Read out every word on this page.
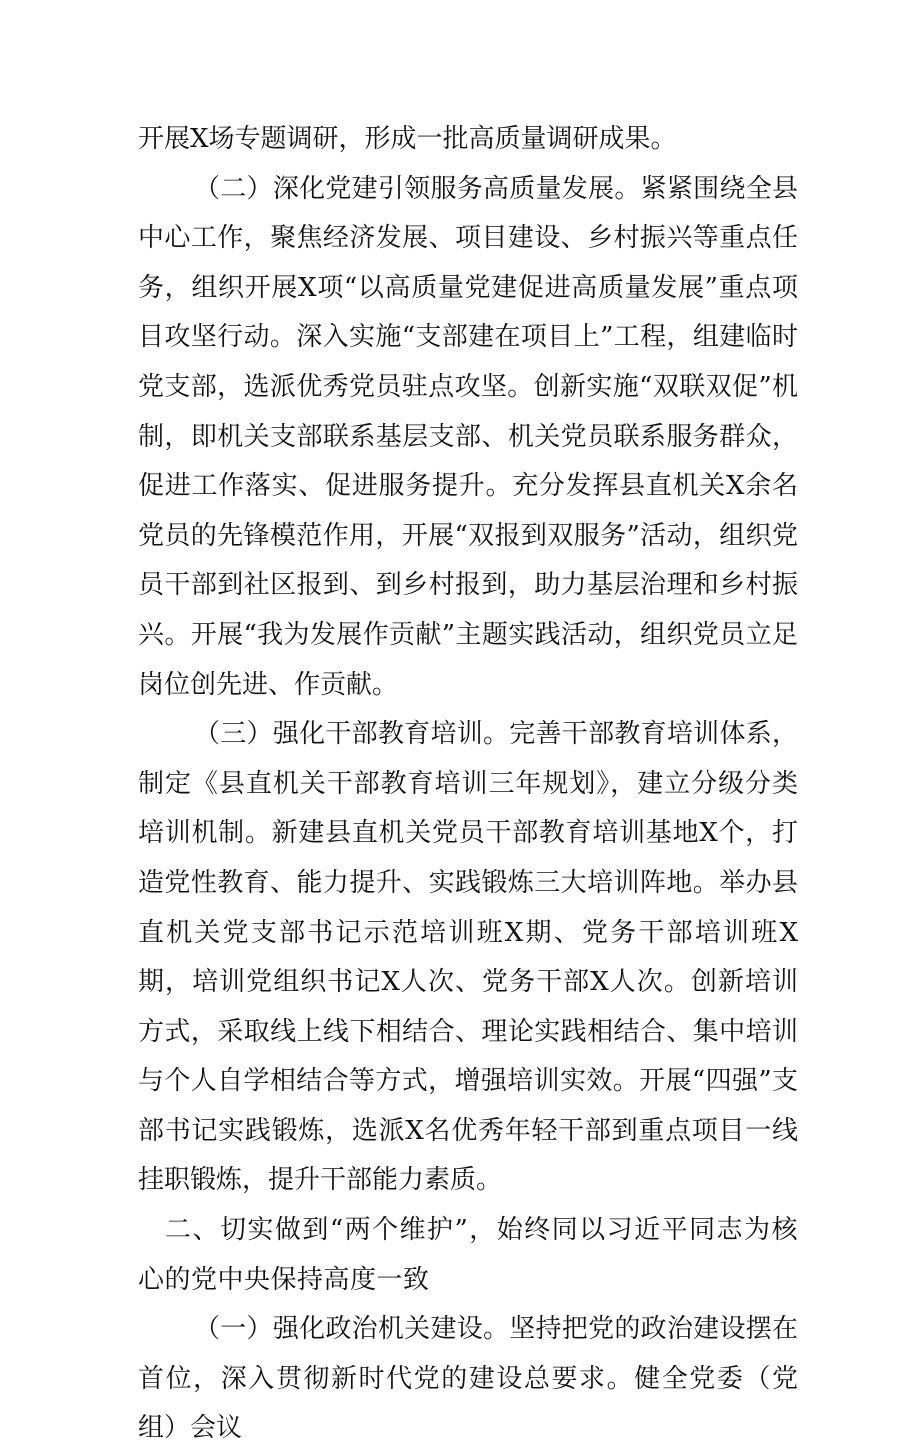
开展X场专题调研，形成一批高质量调研成果。

（二）深化党建引领服务高质量发展。紧紧围绕全县中心工作，聚焦经济发展、项目建设、乡村振兴等重点任务，组织开展X项“以高质量党建促进高质量发展”重点项目攻坚行动。深入实施“支部建在项目上”工程，组建临时党支部，选派优秀党员驻点攻坚。创新实施“双联双促”机制，即机关支部联系基层支部、机关党员联系服务群众，促进工作落实、促进服务提升。充分发挥县直机关X余名党员的先锋模范作用，开展“双报到双服务”活动，组织党员干部到社区报到、到乡村报到，助力基层治理和乡村振兴。开展“我为发展作贡献”主题实践活动，组织党员立足岗位创先进、作贡献。

（三）强化干部教育培训。完善干部教育培训体系，制定《县直机关干部教育培训三年规划》，建立分级分类培训机制。新建县直机关党员干部教育培训基地X个，打造党性教育、能力提升、实践锻炼三大培训阵地。举办县直机关党支部书记示范培训班X期、党务干部培训班X期，培训党组织书记X人次、党务干部X人次。创新培训方式，采取线上线下相结合、理论实践相结合、集中培训与个人自学相结合等方式，增强培训实效。开展“四强”支部书记实践锻炼，选派X名优秀年轻干部到重点项目一线挂职锻炼，提升干部能力素质。

二、切实做到“两个维护”，始终同以习近平同志为核心的党中央保持高度一致

（一）强化政治机关建设。坚持把党的政治建设摆在首位，深入贯彻新时代党的建设总要求。健全党委（党组）会议
